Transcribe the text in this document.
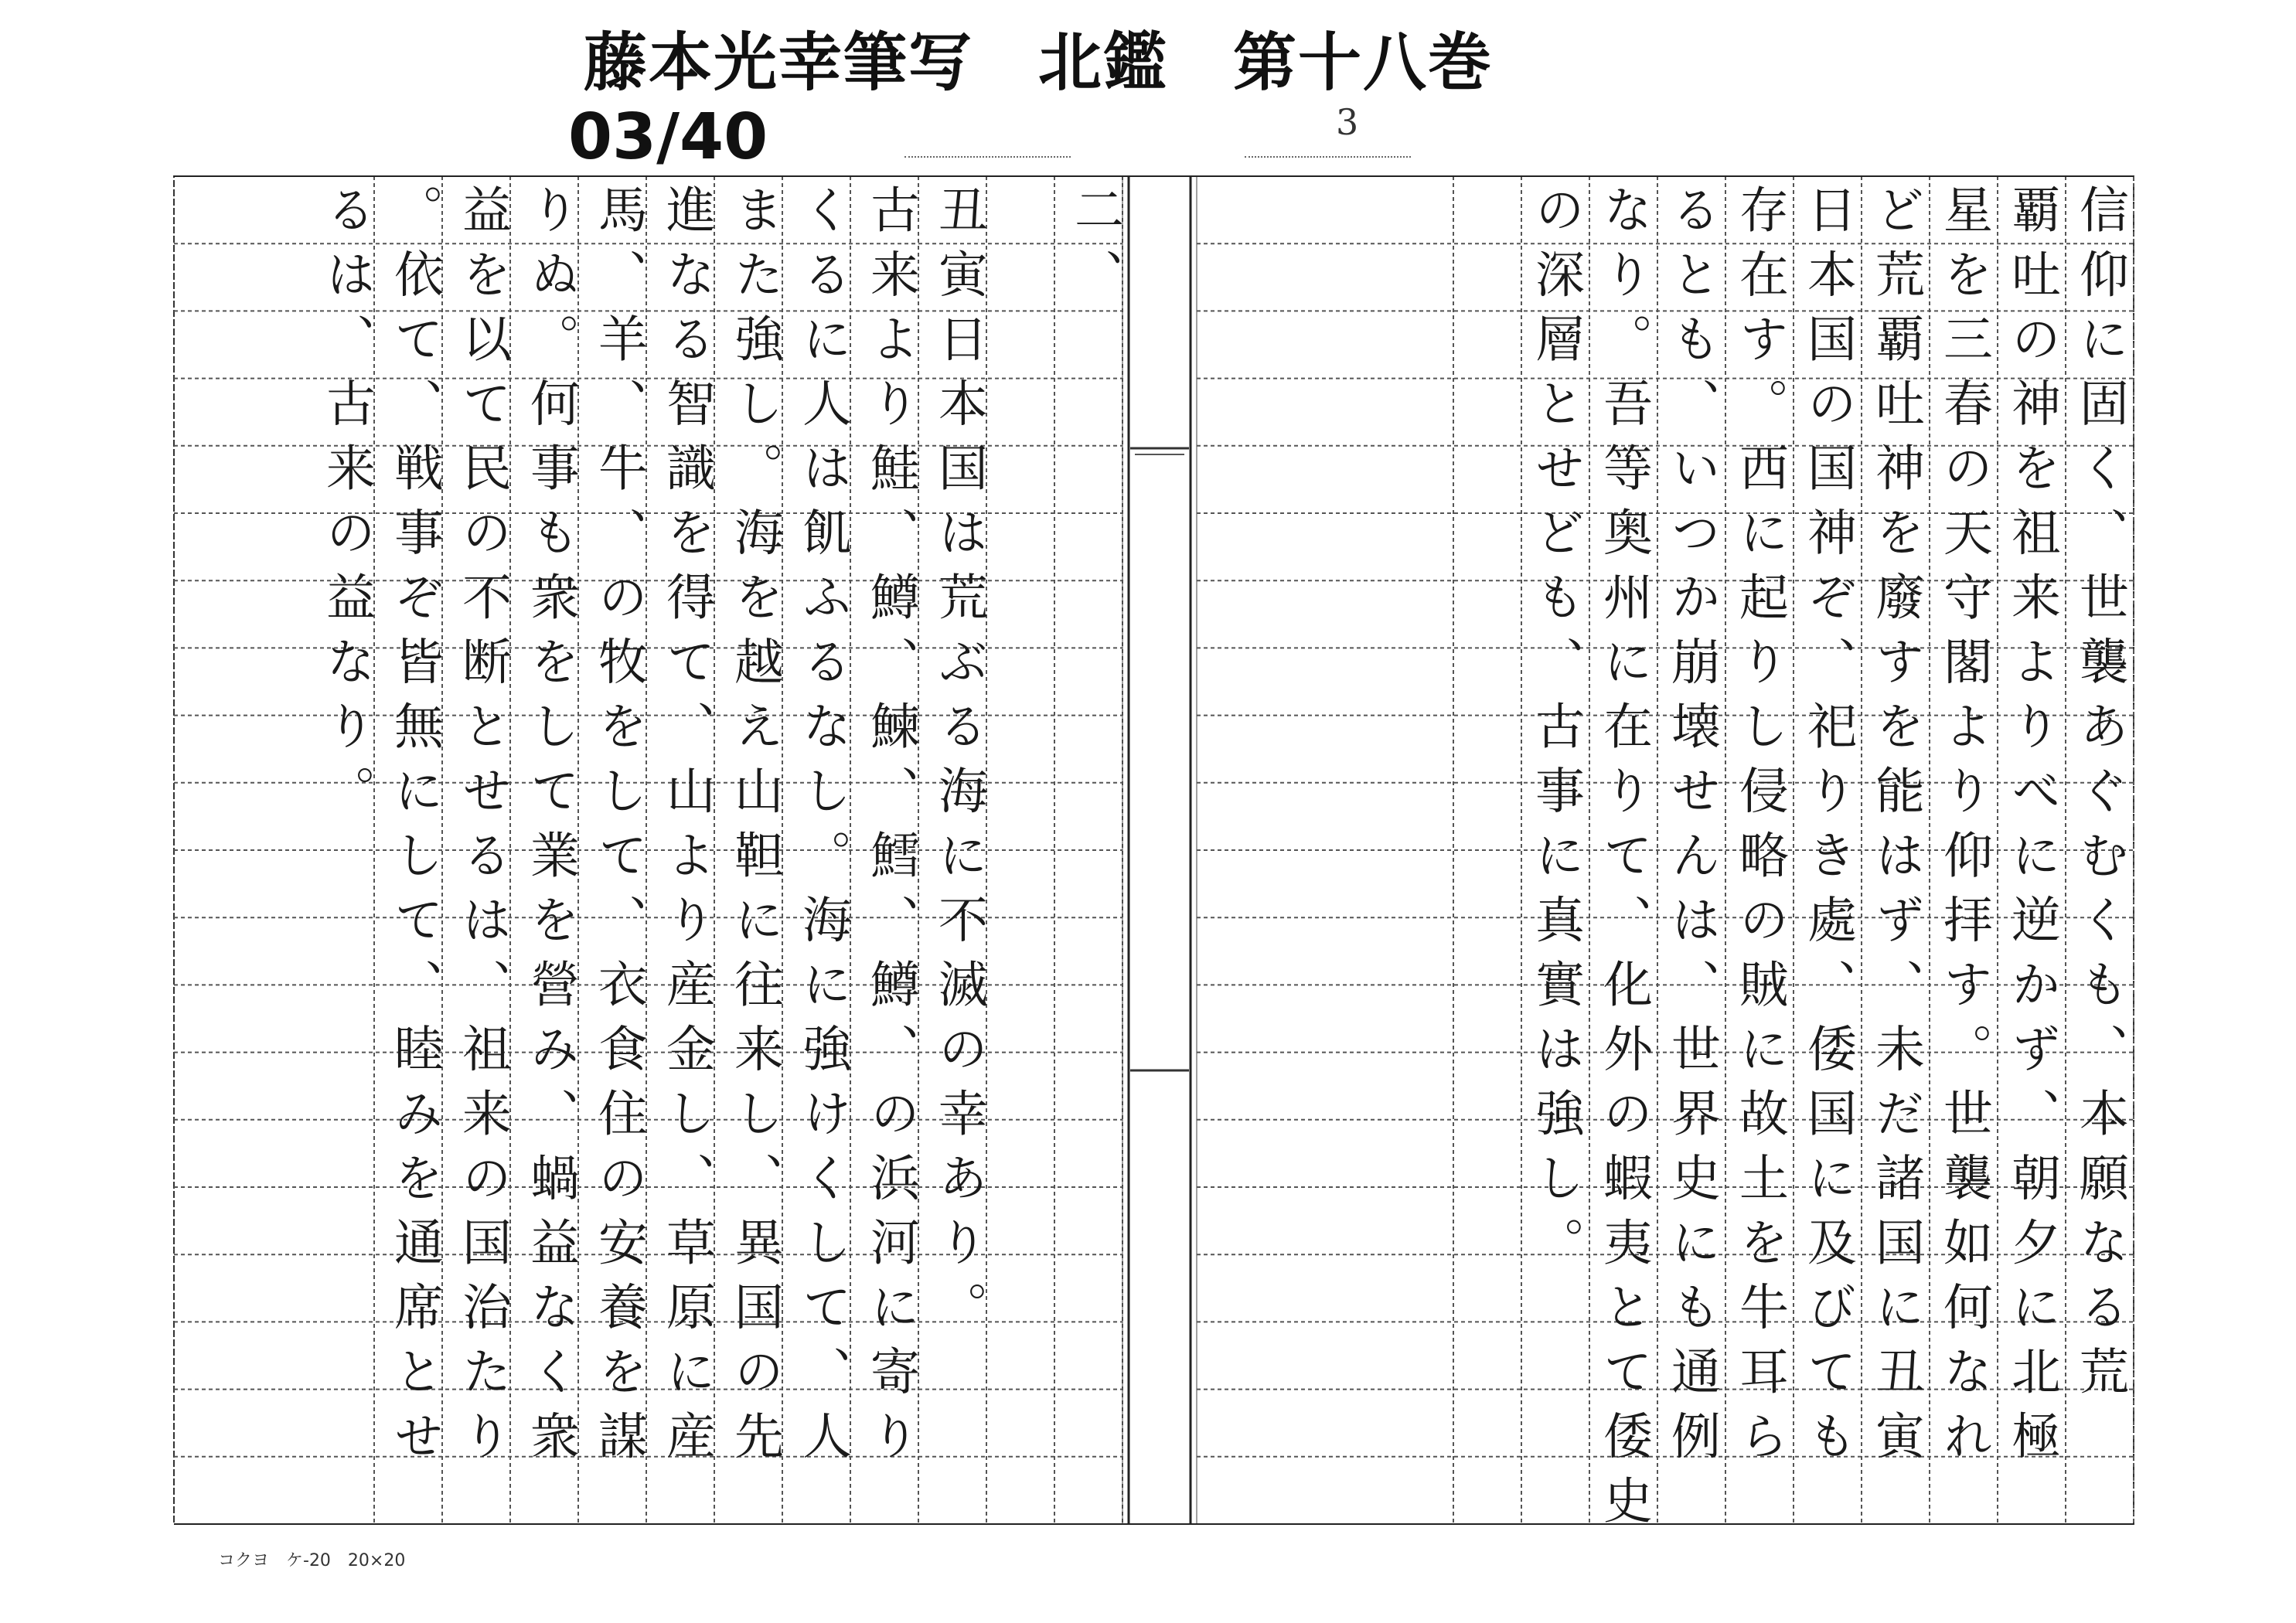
藤本光幸筆写　北鑑　第十八巻
03/40	3
信仰に固く、世襲あぐむくも、本願なる荒
覇吐の神を祖来よりべに逆かず、朝夕に北極
星を三春の天守閣より仰拝す。世襲如何なれ
ど荒覇吐神を廢すを能はず、未だ諸国に丑寅
日本国の国神ぞ、祀りき處、倭国に及びても
存在す。西に起りし侵略の賊に故土を牛耳ら
るとも、いつか崩壊せんは、世界史にも通例
なり。吾等奥州に在りて、化外の蝦夷とて倭史
の深層とせども、古事に真實は強し。
二、
丑寅日本国は荒ぶる海に不滅の幸あり。
古来より鮭、鱒、鰊、鱈、鱒、の浜河に寄り
くるに人は飢ふるなし。海に強けくして、人
また強し。海を越え山靼に往来し、異国の先
進なる智識を得て、山より産金し、草原に産
馬、羊、牛、の牧をして、衣食住の安養を謀
りぬ。何事も衆をして業を營み、蝸益なく衆
益を以て民の不断とせるは、祖来の国治たり
。依て、戦事ぞ皆無にして、睦みを通席とせ
るは、古来の益なり。
コクヨ　ケ-20　20×20
